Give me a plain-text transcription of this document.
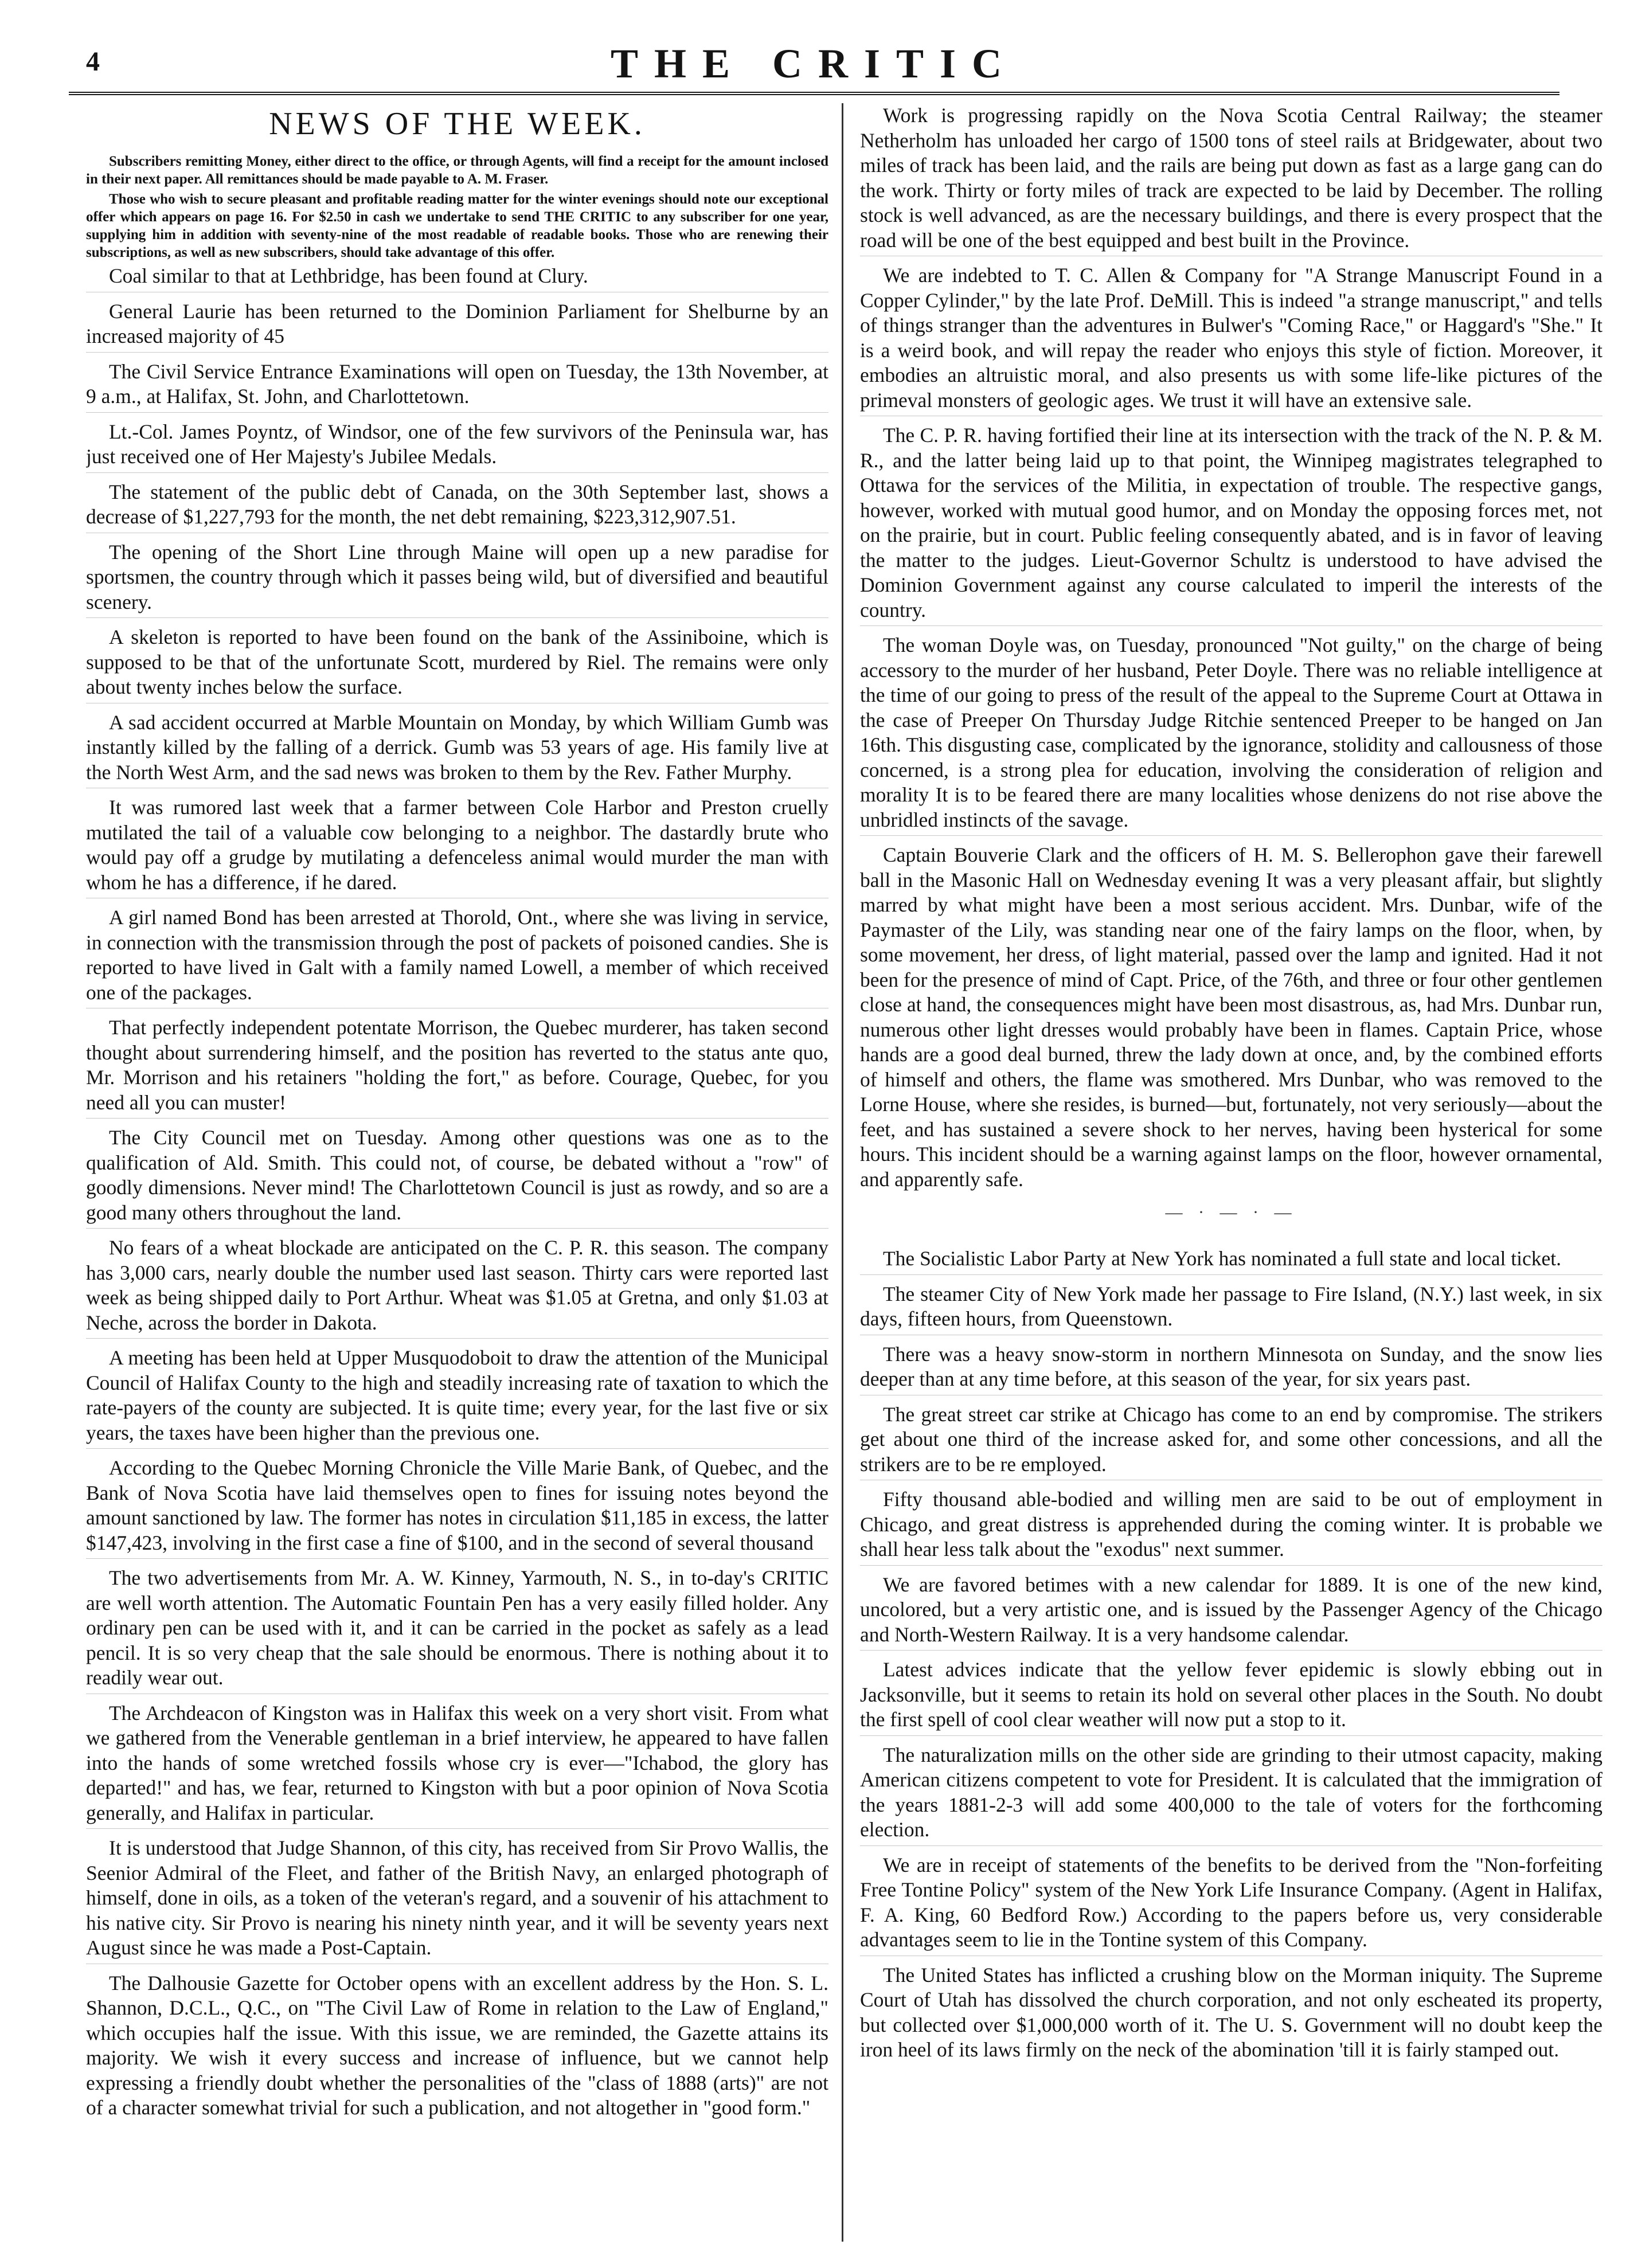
4	THE CRITIC
NEWS OF THE WEEK.

Subscribers remitting Money, either direct to the office, or through Agents, will find a receipt for the amount inclosed in their next paper. All remittances should be made payable to A. M. Fraser.

Those who wish to secure pleasant and profitable reading matter for the winter evenings should note our exceptional offer which appears on page 16. For $2.50 in cash we undertake to send THE CRITIC to any subscriber for one year, supplying him in addition with seventy-nine of the most readable of readable books. Those who are renewing their subscriptions, as well as new subscribers, should take advantage of this offer.

Coal similar to that at Lethbridge, has been found at Clury.

General Laurie has been returned to the Dominion Parliament for Shelburne by an increased majority of 45

The Civil Service Entrance Examinations will open on Tuesday, the 13th November, at 9 a.m., at Halifax, St. John, and Charlottetown.

Lt.-Col. James Poyntz, of Windsor, one of the few survivors of the Peninsula war, has just received one of Her Majesty's Jubilee Medals.

The statement of the public debt of Canada, on the 30th September last, shows a decrease of $1,227,793 for the month, the net debt remaining, $223,312,907.51.

The opening of the Short Line through Maine will open up a new paradise for sportsmen, the country through which it passes being wild, but of diversified and beautiful scenery.

A skeleton is reported to have been found on the bank of the Assiniboine, which is supposed to be that of the unfortunate Scott, murdered by Riel. The remains were only about twenty inches below the surface.

A sad accident occurred at Marble Mountain on Monday, by which William Gumb was instantly killed by the falling of a derrick. Gumb was 53 years of age. His family live at the North West Arm, and the sad news was broken to them by the Rev. Father Murphy.

It was rumored last week that a farmer between Cole Harbor and Preston cruelly mutilated the tail of a valuable cow belonging to a neighbor. The dastardly brute who would pay off a grudge by mutilating a defenceless animal would murder the man with whom he has a difference, if he dared.

A girl named Bond has been arrested at Thorold, Ont., where she was living in service, in connection with the transmission through the post of packets of poisoned candies. She is reported to have lived in Galt with a family named Lowell, a member of which received one of the packages.

That perfectly independent potentate Morrison, the Quebec murderer, has taken second thought about surrendering himself, and the position has reverted to the status ante quo, Mr. Morrison and his retainers "holding the fort," as before. Courage, Quebec, for you need all you can muster!

The City Council met on Tuesday. Among other questions was one as to the qualification of Ald. Smith. This could not, of course, be debated without a "row" of goodly dimensions. Never mind! The Charlottetown Council is just as rowdy, and so are a good many others throughout the land.

No fears of a wheat blockade are anticipated on the C. P. R. this season. The company has 3,000 cars, nearly double the number used last season. Thirty cars were reported last week as being shipped daily to Port Arthur. Wheat was $1.05 at Gretna, and only $1.03 at Neche, across the border in Dakota.

A meeting has been held at Upper Musquodoboit to draw the attention of the Municipal Council of Halifax County to the high and steadily increasing rate of taxation to which the rate-payers of the county are subjected. It is quite time; every year, for the last five or six years, the taxes have been higher than the previous one.

According to the Quebec Morning Chronicle the Ville Marie Bank, of Quebec, and the Bank of Nova Scotia have laid themselves open to fines for issuing notes beyond the amount sanctioned by law. The former has notes in circulation $11,185 in excess, the latter $147,423, involving in the first case a fine of $100, and in the second of several thousand

The two advertisements from Mr. A. W. Kinney, Yarmouth, N. S., in to-day's CRITIC are well worth attention. The Automatic Fountain Pen has a very easily filled holder. Any ordinary pen can be used with it, and it can be carried in the pocket as safely as a lead pencil. It is so very cheap that the sale should be enormous. There is nothing about it to readily wear out.

The Archdeacon of Kingston was in Halifax this week on a very short visit. From what we gathered from the Venerable gentleman in a brief interview, he appeared to have fallen into the hands of some wretched fossils whose cry is ever—"Ichabod, the glory has departed!" and has, we fear, returned to Kingston with but a poor opinion of Nova Scotia generally, and Halifax in particular.

It is understood that Judge Shannon, of this city, has received from Sir Provo Wallis, the Seenior Admiral of the Fleet, and father of the British Navy, an enlarged photograph of himself, done in oils, as a token of the veteran's regard, and a souvenir of his attachment to his native city. Sir Provo is nearing his ninety ninth year, and it will be seventy years next August since he was made a Post-Captain.

The Dalhousie Gazette for October opens with an excellent address by the Hon. S. L. Shannon, D.C.L., Q.C., on "The Civil Law of Rome in relation to the Law of England," which occupies half the issue. With this issue, we are reminded, the Gazette attains its majority. We wish it every success and increase of influence, but we cannot help expressing a friendly doubt whether the personalities of the "class of 1888 (arts)" are not of a character somewhat trivial for such a publication, and not altogether in "good form."

Work is progressing rapidly on the Nova Scotia Central Railway; the steamer Netherholm has unloaded her cargo of 1500 tons of steel rails at Bridgewater, about two miles of track has been laid, and the rails are being put down as fast as a large gang can do the work. Thirty or forty miles of track are expected to be laid by December. The rolling stock is well advanced, as are the necessary buildings, and there is every prospect that the road will be one of the best equipped and best built in the Province.

We are indebted to T. C. Allen & Company for "A Strange Manuscript Found in a Copper Cylinder," by the late Prof. DeMill. This is indeed "a strange manuscript," and tells of things stranger than the adventures in Bulwer's "Coming Race," or Haggard's "She." It is a weird book, and will repay the reader who enjoys this style of fiction. Moreover, it embodies an altruistic moral, and also presents us with some life-like pictures of the primeval monsters of geologic ages. We trust it will have an extensive sale.

The C. P. R. having fortified their line at its intersection with the track of the N. P. & M. R., and the latter being laid up to that point, the Winnipeg magistrates telegraphed to Ottawa for the services of the Militia, in expectation of trouble. The respective gangs, however, worked with mutual good humor, and on Monday the opposing forces met, not on the prairie, but in court. Public feeling consequently abated, and is in favor of leaving the matter to the judges. Lieut-Governor Schultz is understood to have advised the Dominion Government against any course calculated to imperil the interests of the country.

The woman Doyle was, on Tuesday, pronounced "Not guilty," on the charge of being accessory to the murder of her husband, Peter Doyle. There was no reliable intelligence at the time of our going to press of the result of the appeal to the Supreme Court at Ottawa in the case of Preeper On Thursday Judge Ritchie sentenced Preeper to be hanged on Jan 16th. This disgusting case, complicated by the ignorance, stolidity and callousness of those concerned, is a strong plea for education, involving the consideration of religion and morality It is to be feared there are many localities whose denizens do not rise above the unbridled instincts of the savage.

Captain Bouverie Clark and the officers of H. M. S. Bellerophon gave their farewell ball in the Masonic Hall on Wednesday evening It was a very pleasant affair, but slightly marred by what might have been a most serious accident. Mrs. Dunbar, wife of the Paymaster of the Lily, was standing near one of the fairy lamps on the floor, when, by some movement, her dress, of light material, passed over the lamp and ignited. Had it not been for the presence of mind of Capt. Price, of the 76th, and three or four other gentlemen close at hand, the consequences might have been most disastrous, as, had Mrs. Dunbar run, numerous other light dresses would probably have been in flames. Captain Price, whose hands are a good deal burned, threw the lady down at once, and, by the combined efforts of himself and others, the flame was smothered. Mrs Dunbar, who was removed to the Lorne House, where she resides, is burned—but, fortunately, not very seriously—about the feet, and has sustained a severe shock to her nerves, having been hysterical for some hours. This incident should be a warning against lamps on the floor, however ornamental, and apparently safe.

— · — · —

The Socialistic Labor Party at New York has nominated a full state and local ticket.

The steamer City of New York made her passage to Fire Island, (N.Y.) last week, in six days, fifteen hours, from Queenstown.

There was a heavy snow-storm in northern Minnesota on Sunday, and the snow lies deeper than at any time before, at this season of the year, for six years past.

The great street car strike at Chicago has come to an end by compromise. The strikers get about one third of the increase asked for, and some other concessions, and all the strikers are to be re employed.

Fifty thousand able-bodied and willing men are said to be out of employment in Chicago, and great distress is apprehended during the coming winter. It is probable we shall hear less talk about the "exodus" next summer.

We are favored betimes with a new calendar for 1889. It is one of the new kind, uncolored, but a very artistic one, and is issued by the Passenger Agency of the Chicago and North-Western Railway. It is a very handsome calendar.

Latest advices indicate that the yellow fever epidemic is slowly ebbing out in Jacksonville, but it seems to retain its hold on several other places in the South. No doubt the first spell of cool clear weather will now put a stop to it.

The naturalization mills on the other side are grinding to their utmost capacity, making American citizens competent to vote for President. It is calculated that the immigration of the years 1881-2-3 will add some 400,000 to the tale of voters for the forthcoming election.

We are in receipt of statements of the benefits to be derived from the "Non-forfeiting Free Tontine Policy" system of the New York Life Insurance Company. (Agent in Halifax, F. A. King, 60 Bedford Row.) According to the papers before us, very considerable advantages seem to lie in the Tontine system of this Company.

The United States has inflicted a crushing blow on the Morman iniquity. The Supreme Court of Utah has dissolved the church corporation, and not only escheated its property, but collected over $1,000,000 worth of it. The U. S. Government will no doubt keep the iron heel of its laws firmly on the neck of the abomination 'till it is fairly stamped out.
